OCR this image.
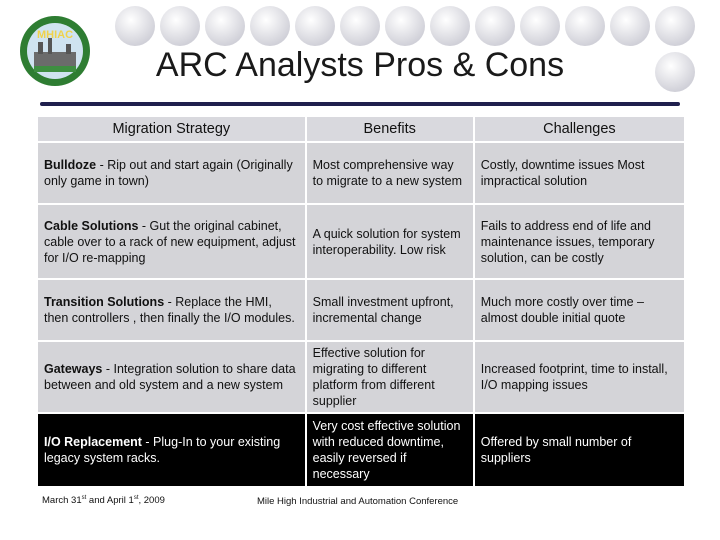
MHIAC
ARC Analysts Pros & Cons
Migration Strategy	Benefits	Challenges
Bulldoze - Rip out and start again (Originally only game in town)	Most comprehensive way to migrate to a new system	Costly, downtime issues Most impractical solution
Cable Solutions - Gut the original cabinet, cable over to a rack of new equipment, adjust for I/O re-mapping	A quick solution for system interoperability. Low risk	Fails to address end of life and maintenance issues, temporary solution, can be costly
Transition Solutions - Replace the HMI, then controllers , then finally the I/O modules.	Small investment upfront, incremental change	Much more costly over time – almost double initial quote
Gateways - Integration solution to share data between and old system and a new system	Effective solution for migrating to different platform from different supplier	Increased footprint, time to install, I/O mapping issues
I/O Replacement - Plug-In to your existing legacy system racks.	Very cost effective solution with reduced downtime, easily reversed if necessary	Offered by small number of suppliers
March 31st and April 1st, 2009	Mile High Industrial and Automation Conference
